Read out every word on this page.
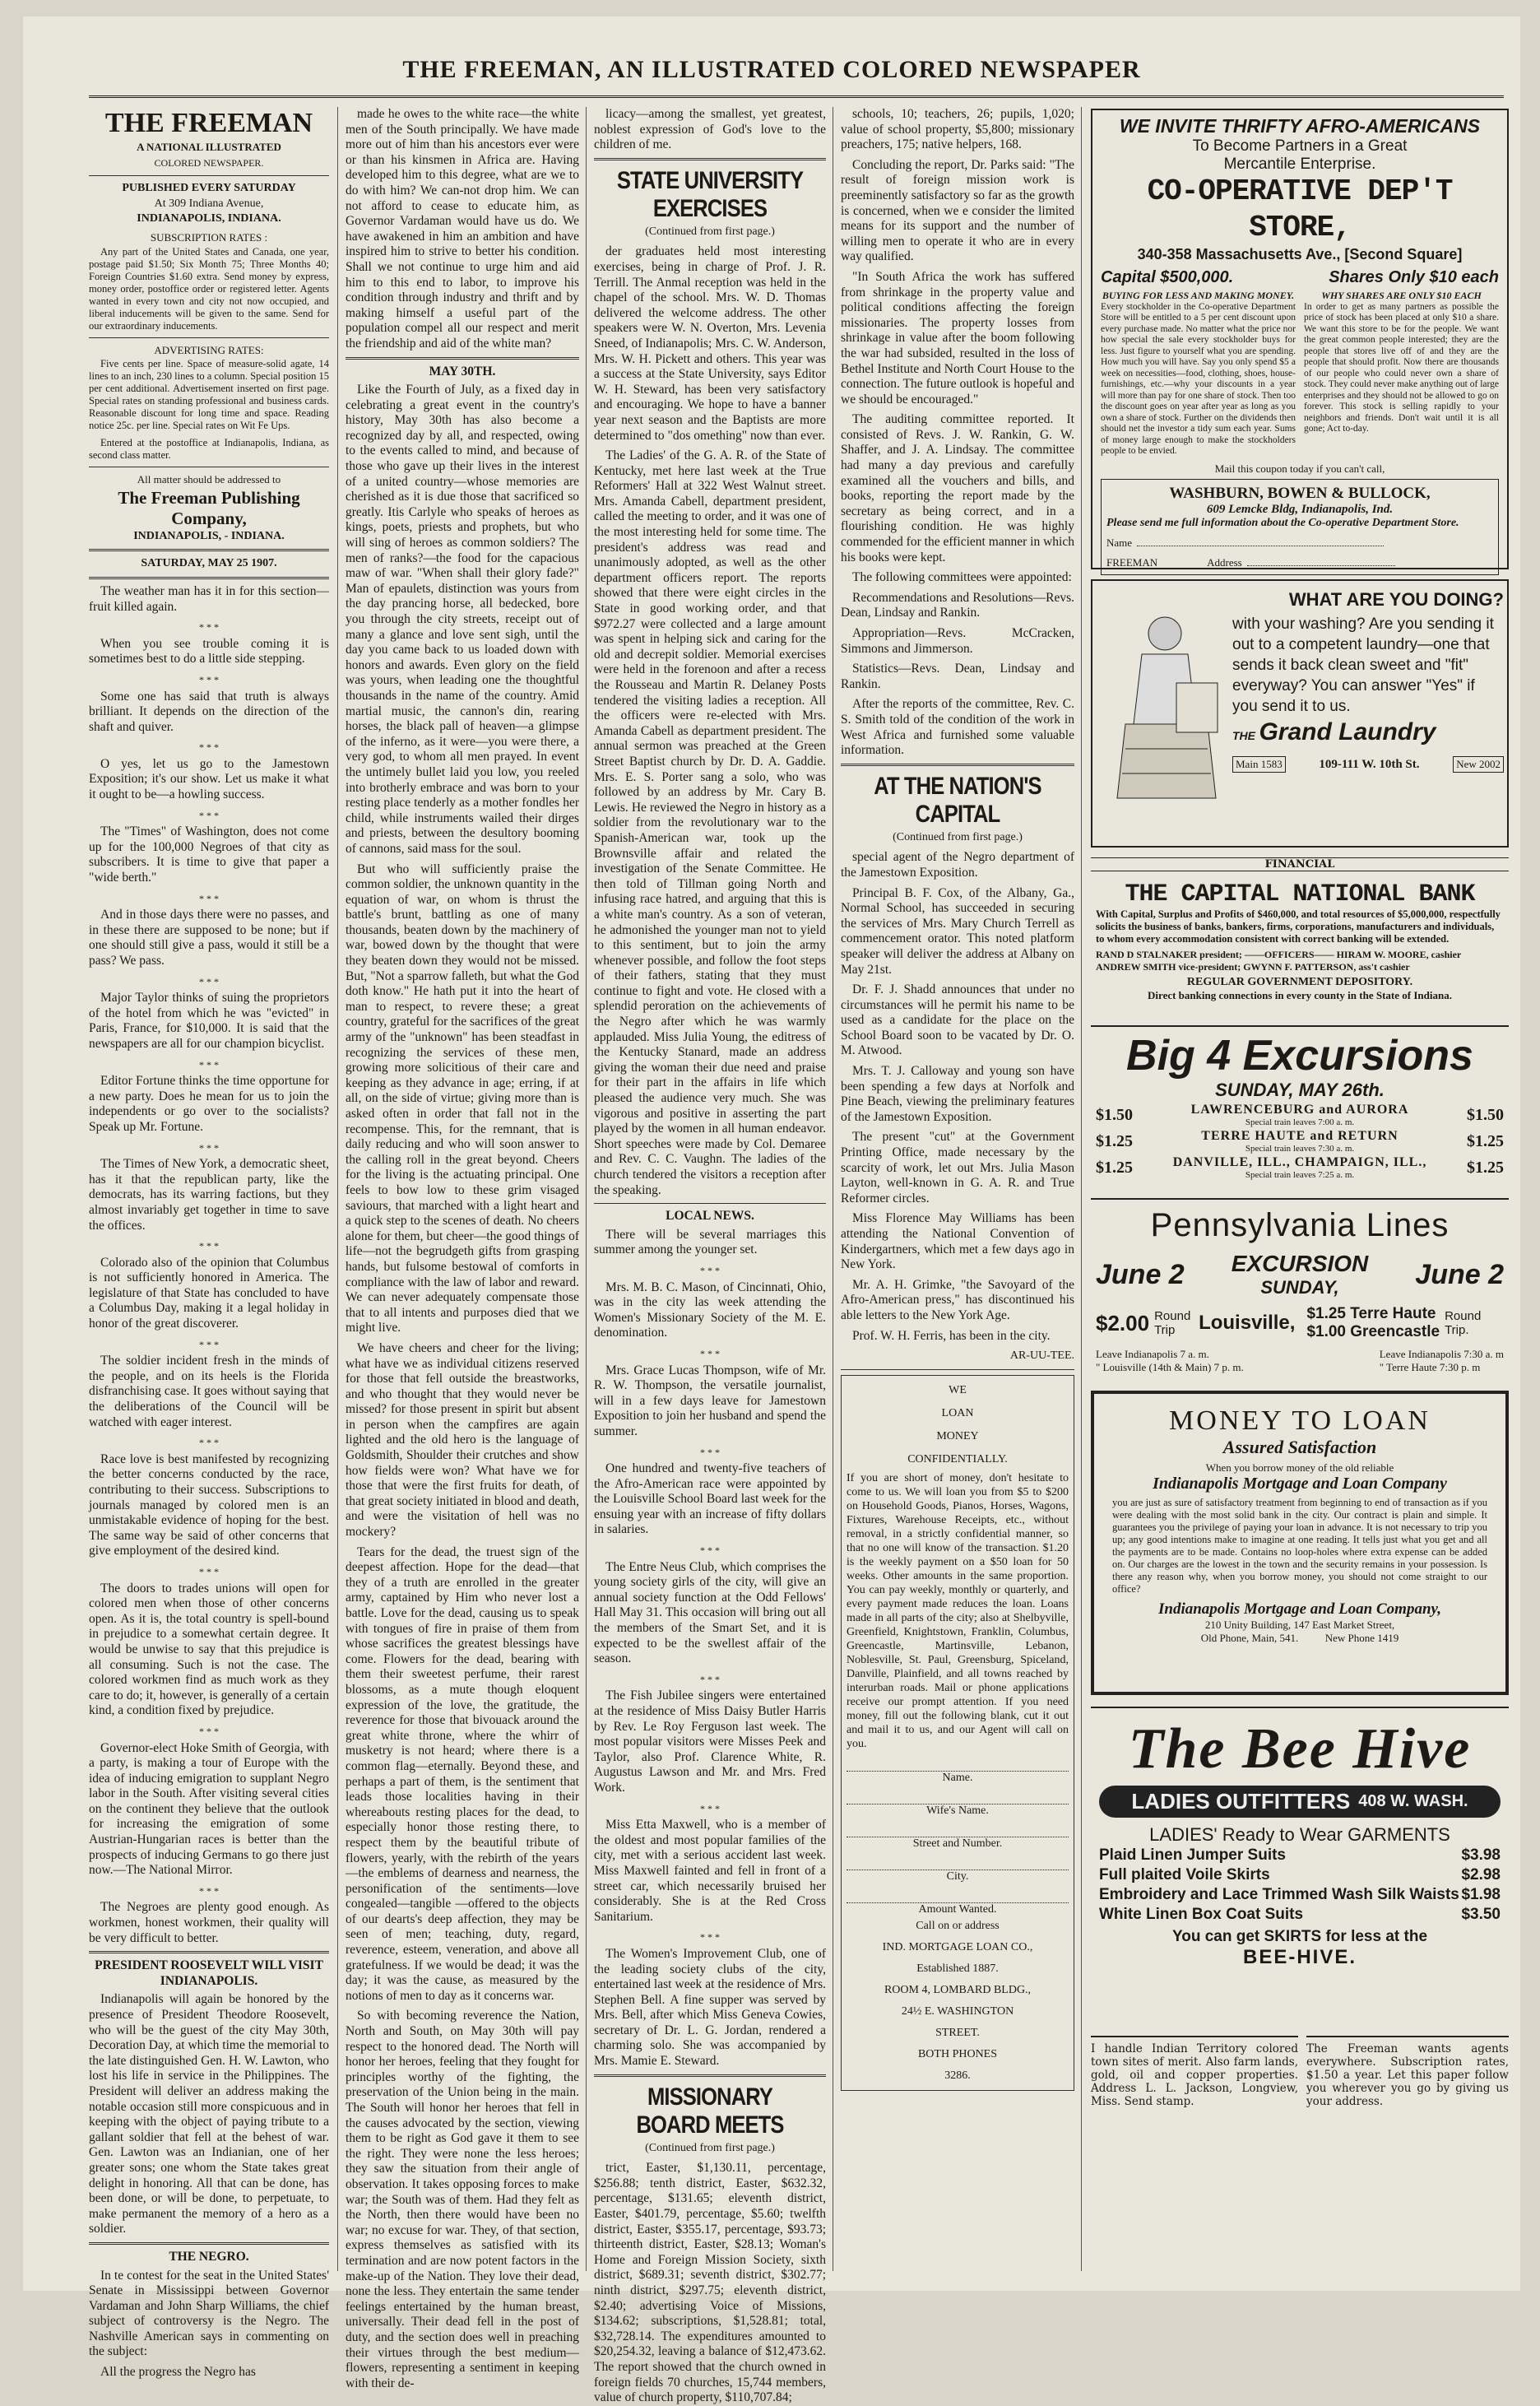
THE FREEMAN, AN ILLUSTRATED COLORED NEWSPAPER
THE FREEMAN
A NATIONAL ILLUSTRATED
COLORED NEWSPAPER.
PUBLISHED EVERY SATURDAY
At 309 Indiana Avenue,
INDIANAPOLIS, INDIANA.
SUBSCRIPTION RATES :

Any part of the United States and Canada, one year, postage paid $1.50; Six Month 75; Three Months 40; Foreign Countries $1.60 extra. Send money by express, money order, postoffice order or registered letter. Agents wanted in every town and city not now occupied, and liberal inducements will be given to the same. Send for our extraordinary inducements.

ADVERTISING RATES:

Five cents per line. Space of measure-solid agate, 14 lines to an inch, 230 lines to a column. Special position 15 per cent additional. Advertisement inserted on first page. Special rates on standing professional and business cards. Reasonable discount for long time and space. Reading notice 25c. per line. Special rates on Wit Fe Ups.

Entered at the postoffice at Indianapolis, Indiana, as second class matter.

All matter should be addressed to
The Freeman Publishing
Company,
INDIANAPOLIS, - INDIANA.
SATURDAY, MAY 25 1907.

The weather man has it in for this section—fruit killed again.

* * *

When you see trouble coming it is sometimes best to do a little side stepping.

* * *

Some one has said that truth is always brilliant. It depends on the direction of the shaft and quiver.

* * *

O yes, let us go to the Jamestown Exposition; it's our show. Let us make it what it ought to be—a howling success.

* * *

The "Times" of Washington, does not come up for the 100,000 Negroes of that city as subscribers. It is time to give that paper a "wide berth."

* * *

And in those days there were no passes, and in these there are supposed to be none; but if one should still give a pass, would it still be a pass? We pass.

* * *

Major Taylor thinks of suing the proprietors of the hotel from which he was "evicted" in Paris, France, for $10,000. It is said that the newspapers are all for our champion bicyclist.

* * *

Editor Fortune thinks the time opportune for a new party. Does he mean for us to join the independents or go over to the socialists? Speak up Mr. Fortune.

* * *

The Times of New York, a democratic sheet, has it that the republican party, like the democrats, has its warring factions, but they almost invariably get together in time to save the offices.

* * *

Colorado also of the opinion that Columbus is not sufficiently honored in America. The legislature of that State has concluded to have a Columbus Day, making it a legal holiday in honor of the great discoverer.

* * *

The soldier incident fresh in the minds of the people, and on its heels is the Florida disfranchising case. It goes without saying that the deliberations of the Council will be watched with eager interest.

* * *

Race love is best manifested by recognizing the better concerns conducted by the race, contributing to their success. Subscriptions to journals managed by colored men is an unmistakable evidence of hoping for the best. The same way be said of other concerns that give employment of the desired kind.

* * *

The doors to trades unions will open for colored men when those of other concerns open. As it is, the total country is spell-bound in prejudice to a somewhat certain degree. It would be unwise to say that this prejudice is all consuming. Such is not the case. The colored workmen find as much work as they care to do; it, however, is generally of a certain kind, a condition fixed by prejudice.

* * *

Governor-elect Hoke Smith of Georgia, with a party, is making a tour of Europe with the idea of inducing emigration to supplant Negro labor in the South. After visiting several cities on the continent they believe that the outlook for increasing the emigration of some Austrian-Hungarian races is better than the prospects of inducing Germans to go there just now.—The National Mirror.

* * *

The Negroes are plenty good enough. As workmen, honest workmen, their quality will be very difficult to better.

PRESIDENT ROOSEVELT WILL VISIT INDIANAPOLIS.

Indianapolis will again be honored by the presence of President Theodore Roosevelt, who will be the guest of the city May 30th, Decoration Day, at which time the memorial to the late distinguished Gen. H. W. Lawton, who lost his life in service in the Philippines. The President will deliver an address making the notable occasion still more conspicuous and in keeping with the object of paying tribute to a gallant soldier that fell at the behest of war. Gen. Lawton was an Indianian, one of her greater sons; one whom the State takes great delight in honoring. All that can be done, has been done, or will be done, to perpetuate, to make permanent the memory of a hero as a soldier.

THE NEGRO.

In te contest for the seat in the United States' Senate in Mississippi between Governor Vardaman and John Sharp Williams, the chief subject of controversy is the Negro. The Nashville American says in commenting on the subject:

All the progress the Negro has

made he owes to the white race—the white men of the South principally. We have made more out of him than his ancestors ever were or than his kinsmen in Africa are. Having developed him to this degree, what are we to do with him? We can-not drop him. We can not afford to cease to educate him, as Governor Vardaman would have us do. We have awakened in him an ambition and have inspired him to strive to better his condition. Shall we not continue to urge him and aid him to this end to labor, to improve his condition through industry and thrift and by making himself a useful part of the population compel all our respect and merit the friendship and aid of the white man?

MAY 30TH.

Like the Fourth of July, as a fixed day in celebrating a great event in the country's history, May 30th has also become a recognized day by all, and respected, owing to the events called to mind, and because of those who gave up their lives in the interest of a united country—whose memories are cherished as it is due those that sacrificed so greatly. Itis Carlyle who speaks of heroes as kings, poets, priests and prophets, but who will sing of heroes as common soldiers? The men of ranks?—the food for the capacious maw of war. "When shall their glory fade?" Man of epaulets, distinction was yours from the day prancing horse, all bedecked, bore you through the city streets, receipt out of many a glance and love sent sigh, until the day you came back to us loaded down with honors and awards. Even glory on the field was yours, when leading one the thoughtful thousands in the name of the country. Amid martial music, the cannon's din, rearing horses, the black pall of heaven—a glimpse of the inferno, as it were—you were there, a very god, to whom all men prayed. In event the untimely bullet laid you low, you reeled into brotherly embrace and was born to your resting place tenderly as a mother fondles her child, while instruments wailed their dirges and priests, between the desultory booming of cannons, said mass for the soul.

But who will sufficiently praise the common soldier, the unknown quantity in the equation of war, on whom is thrust the battle's brunt, battling as one of many thousands, beaten down by the machinery of war, bowed down by the thought that were they beaten down they would not be missed. But, "Not a sparrow falleth, but what the God doth know." He hath put it into the heart of man to respect, to revere these; a great country, grateful for the sacrifices of the great army of the "unknown" has been steadfast in recognizing the services of these men, growing more solicitious of their care and keeping as they advance in age; erring, if at all, on the side of virtue; giving more than is asked often in order that fall not in the recompense. This, for the remnant, that is daily reducing and who will soon answer to the calling roll in the great beyond. Cheers for the living is the actuating principal. One feels to bow low to these grim visaged saviours, that marched with a light heart and a quick step to the scenes of death. No cheers alone for them, but cheer—the good things of life—not the begrudgeth gifts from grasping hands, but fulsome bestowal of comforts in compliance with the law of labor and reward. We can never adequately compensate those that to all intents and purposes died that we might live.

We have cheers and cheer for the living; what have we as individual citizens reserved for those that fell outside the breastworks, and who thought that they would never be missed? for those present in spirit but absent in person when the campfires are again lighted and the old hero is the language of Goldsmith, Shoulder their crutches and show how fields were won? What have we for those that were the first fruits for death, of that great society initiated in blood and death, and were the visitation of hell was no mockery?

Tears for the dead, the truest sign of the deepest affection. Hope for the dead—that they of a truth are enrolled in the greater army, captained by Him who never lost a battle. Love for the dead, causing us to speak with tongues of fire in praise of them from whose sacrifices the greatest blessings have come. Flowers for the dead, bearing with them their sweetest perfume, their rarest blossoms, as a mute though eloquent expression of the love, the gratitude, the reverence for those that bivouack around the great white throne, where the whirr of musketry is not heard; where there is a common flag—eternally. Beyond these, and perhaps a part of them, is the sentiment that leads those localities having in their whereabouts resting places for the dead, to especially honor those resting there, to respect them by the beautiful tribute of flowers, yearly, with the rebirth of the years—the emblems of dearness and nearness, the personification of the sentiments—love congealed—tangible —offered to the objects of our dearts's deep affection, they may be seen of men; teaching, duty, regard, reverence, esteem, veneration, and above all gratefulness. If we would be dead; it was the day; it was the cause, as measured by the notions of men to day as it concerns war.

So with becoming reverence the Nation, North and South, on May 30th will pay respect to the honored dead. The North will honor her heroes, feeling that they fought for principles worthy of the fighting, the preservation of the Union being in the main. The South will honor her heroes that fell in the causes advocated by the section, viewing them to be right as God gave it them to see the right. They were none the less heroes; they saw the situation from their angle of observation. It takes opposing forces to make war; the South was of them. Had they felt as the North, then there would have been no war; no excuse for war. They, of that section, express themselves as satisfied with its termination and are now potent factors in the make-up of the Nation. They love their dead, none the less. They entertain the same tender feelings entertained by the human breast, universally. Their dead fell in the post of duty, and the section does well in preaching their virtues through the best medium—flowers, representing a sentiment in keeping with their de-

licacy—among the smallest, yet greatest, noblest expression of God's love to the children of me.

STATE UNIVERSITY EXERCISES
(Continued from first page.)

der graduates held most interesting exercises, being in charge of Prof. J. R. Terrill. The Anmal reception was held in the chapel of the school. Mrs. W. D. Thomas delivered the welcome address. The other speakers were W. N. Overton, Mrs. Levenia Sneed, of Indianapolis; Mrs. C. W. Anderson, Mrs. W. H. Pickett and others. This year was a success at the State University, says Editor W. H. Steward, has been very satisfactory and encouraging. We hope to have a banner year next season and the Baptists are more determined to "dos omething" now than ever.

The Ladies' of the G. A. R. of the State of Kentucky, met here last week at the True Reformers' Hall at 322 West Walnut street. Mrs. Amanda Cabell, department president, called the meeting to order, and it was one of the most interesting held for some time. The president's address was read and unanimously adopted, as well as the other department officers report. The reports showed that there were eight circles in the State in good working order, and that $972.27 were collected and a large amount was spent in helping sick and caring for the old and decrepit soldier. Memorial exercises were held in the forenoon and after a recess the Rousseau and Martin R. Delaney Posts tendered the visiting ladies a reception. All the officers were re-elected with Mrs. Amanda Cabell as department president. The annual sermon was preached at the Green Street Baptist church by Dr. D. A. Gaddie. Mrs. E. S. Porter sang a solo, who was followed by an address by Mr. Cary B. Lewis. He reviewed the Negro in history as a soldier from the revolutionary war to the Spanish-American war, took up the Brownsville affair and related the investigation of the Senate Committee. He then told of Tillman going North and infusing race hatred, and arguing that this is a white man's country. As a son of veteran, he admonished the younger man not to yield to this sentiment, but to join the army whenever possible, and follow the foot steps of their fathers, stating that they must continue to fight and vote. He closed with a splendid peroration on the achievements of the Negro after which he was warmly applauded. Miss Julia Young, the editress of the Kentucky Stanard, made an address giving the woman their due need and praise for their part in the affairs in life which pleased the audience very much. She was vigorous and positive in asserting the part played by the women in all human endeavor. Short speeches were made by Col. Demaree and Rev. C. C. Vaughn. The ladies of the church tendered the visitors a reception after the speaking.

LOCAL NEWS.

There will be several marriages this summer among the younger set.

* * *

Mrs. M. B. C. Mason, of Cincinnati, Ohio, was in the city las week attending the Women's Missionary Society of the M. E. denomination.

* * *

Mrs. Grace Lucas Thompson, wife of Mr. R. W. Thompson, the versatile journalist, will in a few days leave for Jamestown Exposition to join her husband and spend the summer.

* * *

One hundred and twenty-five teachers of the Afro-American race were appointed by the Louisville School Board last week for the ensuing year with an increase of fifty dollars in salaries.

* * *

The Entre Neus Club, which comprises the young society girls of the city, will give an annual society function at the Odd Fellows' Hall May 31. This occasion will bring out all the members of the Smart Set, and it is expected to be the swellest affair of the season.

* * *

The Fish Jubilee singers were entertained at the residence of Miss Daisy Butler Harris by Rev. Le Roy Ferguson last week. The most popular visitors were Misses Peek and Taylor, also Prof. Clarence White, R. Augustus Lawson and Mr. and Mrs. Fred Work.

* * *

Miss Etta Maxwell, who is a member of the oldest and most popular families of the city, met with a serious accident last week. Miss Maxwell fainted and fell in front of a street car, which necessarily bruised her considerably. She is at the Red Cross Sanitarium.

* * *

The Women's Improvement Club, one of the leading society clubs of the city, entertained last week at the residence of Mrs. Stephen Bell. A fine supper was served by Mrs. Bell, after which Miss Geneva Cowies, secretary of Dr. L. G. Jordan, rendered a charming solo. She was accompanied by Mrs. Mamie E. Steward.

MISSIONARY BOARD MEETS
(Continued from first page.)

trict, Easter, $1,130.11, percentage, $256.88; tenth district, Easter, $632.32, percentage, $131.65; eleventh district, Easter, $401.79, percentage, $5.60; twelfth district, Easter, $355.17, percentage, $93.73; thirteenth district, Easter, $28.13; Woman's Home and Foreign Mission Society, sixth district, $689.31; seventh district, $302.77; ninth district, $297.75; eleventh district, $2.40; advertising Voice of Missions, $134.62; subscriptions, $1,528.81; total, $32,728.14. The expenditures amounted to $20,254.32, leaving a balance of $12,473.62. The report showed that the church owned in foreign fields 70 churches, 15,744 members, value of church property, $110,707.84;

schools, 10; teachers, 26; pupils, 1,020; value of school property, $5,800; missionary preachers, 175; native helpers, 168.

Concluding the report, Dr. Parks said: "The result of foreign mission work is preeminently satisfactory so far as the growth is concerned, when we e consider the limited means for its support and the number of willing men to operate it who are in every way qualified.

"In South Africa the work has suffered from shrinkage in the property value and political conditions affecting the foreign missionaries. The property losses from shrinkage in value after the boom following the war had subsided, resulted in the loss of Bethel Institute and North Court House to the connection. The future outlook is hopeful and we should be encouraged."

The auditing committee reported. It consisted of Revs. J. W. Rankin, G. W. Shaffer, and J. A. Lindsay. The committee had many a day previous and carefully examined all the vouchers and bills, and books, reporting the report made by the secretary as being correct, and in a flourishing condition. He was highly commended for the efficient manner in which his books were kept.

The following committees were appointed:

Recommendations and Resolutions—Revs. Dean, Lindsay and Rankin.

Appropriation—Revs. McCracken, Simmons and Jimmerson.

Statistics—Revs. Dean, Lindsay and Rankin.

After the reports of the committee, Rev. C. S. Smith told of the condition of the work in West Africa and furnished some valuable information.

AT THE NATION'S CAPITAL
(Continued from first page.)

special agent of the Negro department of the Jamestown Exposition.

Principal B. F. Cox, of the Albany, Ga., Normal School, has succeeded in securing the services of Mrs. Mary Church Terrell as commencement orator. This noted platform speaker will deliver the address at Albany on May 21st.

Dr. F. J. Shadd announces that under no circumstances will he permit his name to be used as a candidate for the place on the School Board soon to be vacated by Dr. O. M. Atwood.

Mrs. T. J. Calloway and young son have been spending a few days at Norfolk and Pine Beach, viewing the preliminary features of the Jamestown Exposition.

The present "cut" at the Government Printing Office, made necessary by the scarcity of work, let out Mrs. Julia Mason Layton, well-known in G. A. R. and True Reformer circles.

Miss Florence May Williams has been attending the National Convention of Kindergartners, which met a few days ago in New York.

Mr. A. H. Grimke, "the Savoyard of the Afro-American press," has discontinued his able letters to the New York Age.

Prof. W. H. Ferris, has been in the city.

AR-UU-TEE.
WE
LOAN
MONEY
CONFIDENTIALLY.
If you are short of money, don't hesitate to come to us. We will loan you from $5 to $200 on Household Goods, Pianos, Horses, Wagons, Fixtures, Warehouse Receipts, etc., without removal, in a strictly confidential manner, so that no one will know of the transaction. $1.20 is the weekly payment on a $50 loan for 50 weeks. Other amounts in the same proportion. You can pay weekly, monthly or quarterly, and every payment made reduces the loan. Loans made in all parts of the city; also at Shelbyville, Greenfield, Knightstown, Franklin, Columbus, Greencastle, Martinsville, Lebanon, Noblesville, St. Paul, Greensburg, Spiceland, Danville, Plainfield, and all towns reached by interurban roads. Mail or phone applications receive our prompt attention. If you need money, fill out the following blank, cut it out and mail it to us, and our Agent will call on you.
Name.
Wife's Name.
Street and Number.
City.
Amount Wanted.
Call on or address
IND. MORTGAGE LOAN CO.,
Established 1887.
ROOM 4, LOMBARD BLDG.,
24½ E. WASHINGTON
STREET.
BOTH PHONES
3286.
WE INVITE THRIFTY AFRO-AMERICANS
To Become Partners in a Great
Mercantile Enterprise.
CO-OPERATIVE DEP'T STORE,
340-358 Massachusetts Ave., [Second Square]
Capital $500,000.	Shares Only $10 each
BUYING FOR LESS AND MAKING MONEY.
Every stockholder in the Co-operative Department Store will be entitled to a 5 per cent discount upon every purchase made. No matter what the price nor how special the sale every stockholder buys for less. Just figure to yourself what you are spending. How much you will have. Say you only spend $5 a week on necessities—food, clothing, shoes, house-furnishings, etc.—why your discounts in a year will more than pay for one share of stock. Then too the discount goes on year after year as long as you own a share of stock. Further on the dividends then should net the investor a tidy sum each year. Sums of money large enough to make the stockholders people to be envied.
WHY SHARES ARE ONLY $10 EACH
In order to get as many partners as possible the price of stock has been placed at only $10 a share. We want this store to be for the people. We want the great common people interested; they are the people that stores live off of and they are the people that should profit. Now there are thousands of our people who could never own a share of stock. They could never make anything out of large enterprises and they should not be allowed to go on forever. This stock is selling rapidly to your neighbors and friends. Don't wait until it is all gone; Act to-day.
Mail this coupon today if you can't call,
WASHBURN, BOWEN & BULLOCK,
609 Lemcke Bldg, Indianapolis, Ind.
Please send me full information about the Co-operative Department Store.
Name
FREEMAN	Address
WHAT ARE YOU DOING?
with your washing? Are you sending it out to a competent laundry—one that sends it back clean sweet and "fit" everyway? You can answer "Yes" if you send it to us.
THE Grand Laundry
Main 1583	109-111 W. 10th St.	New 2002
FINANCIAL
THE CAPITAL NATIONAL BANK
With Capital, Surplus and Profits of $460,000, and total resources of $5,000,000, respectfully solicits the business of banks, bankers, firms, corporations, manufacturers and individuals, to whom every accommodation consistent with correct banking will be extended.
RAND D STALNAKER president; ——OFFICERS—— HIRAM W. MOORE, cashier ANDREW SMITH vice-president; GWYNN F. PATTERSON, ass't cashier
REGULAR GOVERNMENT DEPOSITORY.
Direct banking connections in every county in the State of Indiana.
Big 4 Excursions
SUNDAY, MAY 26th.
$1.50	LAWRENCEBURG and AURORA
Special train leaves 7:00 a. m.	$1.50
$1.25	TERRE HAUTE and RETURN
Special train leaves 7:30 a. m.	$1.25
$1.25	DANVILLE, ILL., CHAMPAIGN, ILL.,
Special train leaves 7:25 a. m.	$1.25
Pennsylvania Lines
June 2 EXCURSION
SUNDAY,	June 2
$2.00 Round Trip	Louisville, $1.25 Terre Haute
$1.00 Greencastle
Round Trip.
Leave Indianapolis 7 a. m.
" Louisville (14th & Main) 7 p. m.
Leave Indianapolis 7:30 a. m
" Terre Haute 7:30 p. m
MONEY TO LOAN
Assured Satisfaction
When you borrow money of the old reliable
Indianapolis Mortgage and Loan Company
you are just as sure of satisfactory treatment from beginning to end of transaction as if you were dealing with the most solid bank in the city. Our contract is plain and simple. It guarantees you the privilege of paying your loan in advance. It is not necessary to trip you up; any good intentions make to imagine at one reading. It tells just what you get and all the payments are to be made. Contains no loop-holes where extra expense can be added on. Our charges are the lowest in the town and the security remains in your possession. Is there any reason why, when you borrow money, you should not come straight to our office?
Indianapolis Mortgage and Loan Company,
210 Unity Building, 147 East Market Street,
Old Phone, Main, 541.          New Phone 1419
The Bee Hive
LADIES OUTFITTERS 408 W. WASH.
LADIES' Ready to Wear GARMENTS
Plaid Linen Jumper Suits	$3.98
Full plaited Voile Skirts	$2.98
Embroidery and Lace Trimmed Wash Silk Waists $1.98
White Linen Box Coat Suits	$3.50
You can get SKIRTS for less at the
BEE-HIVE.
I handle Indian Territory colored town sites of merit. Also farm lands, gold, oil and copper properties. Address L. L. Jackson, Longview, Miss. Send stamp.
The Freeman wants agents everywhere. Subscription rates, $1.50 a year. Let this paper follow you wherever you go by giving us your address.
